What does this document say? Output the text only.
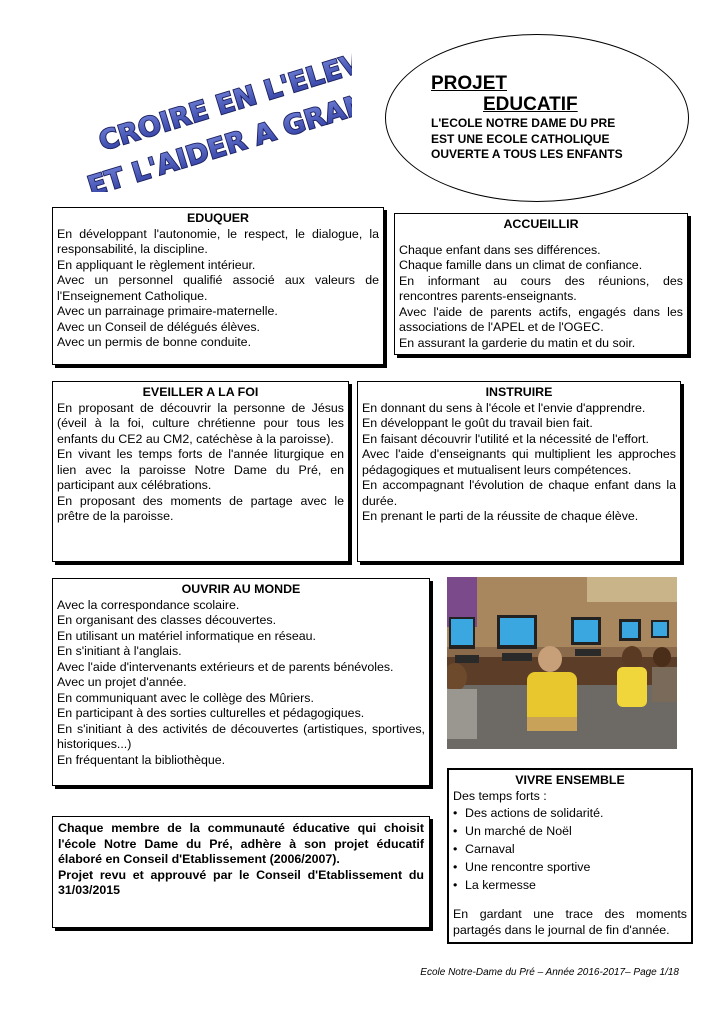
CROIRE EN L'ELEVE
ET L'AIDER A GRANDIR PROJET
EDUCATIF
L'ECOLE NOTRE DAME DU PRE
EST UNE ECOLE CATHOLIQUE
OUVERTE A TOUS LES ENFANTS
EDUQUER

En développant l'autonomie, le respect, le dialogue, la responsabilité, la discipline.

En appliquant le règlement intérieur.

Avec un personnel qualifié associé aux valeurs de l'Enseignement Catholique.

Avec un parrainage primaire-maternelle.

Avec un Conseil de délégués élèves.

Avec un permis de bonne conduite.

ACCUEILLIR

Chaque enfant dans ses différences.

Chaque famille dans un climat de confiance.

En informant au cours des réunions, des rencontres parents-enseignants.

Avec l'aide de parents actifs, engagés dans les associations de l'APEL et de l'OGEC.

En assurant la garderie du matin et du soir.

EVEILLER A LA FOI

En proposant de découvrir la personne de Jésus (éveil à la foi, culture chrétienne pour tous les enfants du CE2 au CM2, catéchèse à la paroisse).

En vivant les temps forts de l'année liturgique en lien avec la paroisse Notre Dame du Pré, en participant aux célébrations.

En proposant des moments de partage avec le prêtre de la paroisse.

INSTRUIRE

En donnant du sens à l'école et l'envie d'apprendre.

En développant le goût du travail bien fait.

En faisant découvrir l'utilité et la nécessité de l'effort.

Avec l'aide d'enseignants qui multiplient les approches pédagogiques et mutualisent leurs compétences.

En accompagnant l'évolution de chaque enfant dans la durée.

En prenant le parti de la réussite de chaque élève.

OUVRIR AU MONDE

Avec la correspondance scolaire.

En organisant des classes découvertes.

En utilisant un matériel informatique en réseau.

En s'initiant à l'anglais.

Avec l'aide d'intervenants extérieurs et de parents bénévoles.

Avec un projet d'année.

En communiquant avec le collège des Mûriers.

En participant à des sorties culturelles et pédagogiques.

En s'initiant à des activités de découvertes (artistiques, sportives, historiques...)

En fréquentant la bibliothèque.

VIVRE ENSEMBLE

Des temps forts :

• Des actions de solidarité.
• Un marché de Noël
• Carnaval
• Une rencontre sportive
• La kermesse

En gardant une trace des moments partagés dans le journal de fin d'année.

Chaque membre de la communauté éducative qui choisit l'école Notre Dame du Pré, adhère à son projet éducatif élaboré en Conseil d'Etablissement (2006/2007).

Projet revu et approuvé par le Conseil d'Etablissement du 31/03/2015

Ecole Notre-Dame du Pré – Année 2016-2017– Page 1/18
